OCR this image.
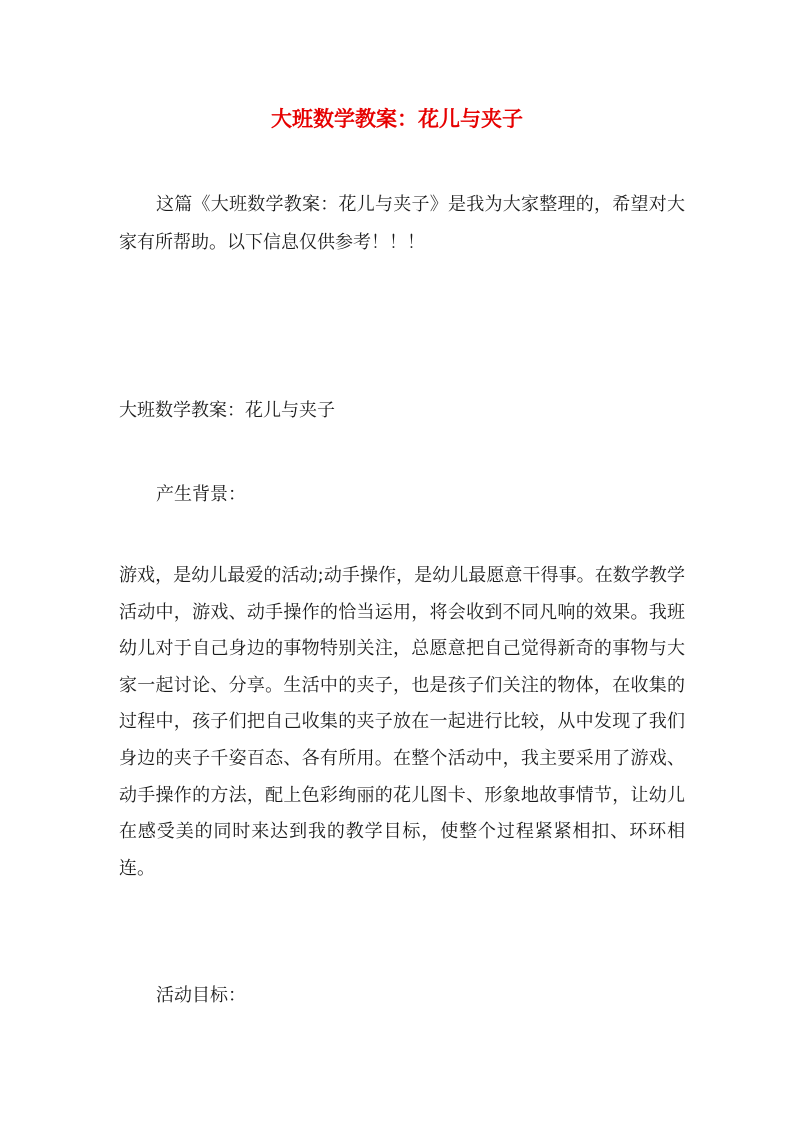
大班数学教案：花儿与夹子

这篇《大班数学教案：花儿与夹子》是我为大家整理的，希望对大家有所帮助。以下信息仅供参考！！！

大班数学教案：花儿与夹子

产生背景：

游戏，是幼儿最爱的活动;动手操作，是幼儿最愿意干得事。在数学教学活动中，游戏、动手操作的恰当运用，将会收到不同凡响的效果。我班幼儿对于自己身边的事物特别关注，总愿意把自己觉得新奇的事物与大家一起讨论、分享。生活中的夹子，也是孩子们关注的物体，在收集的过程中，孩子们把自己收集的夹子放在一起进行比较，从中发现了我们身边的夹子千姿百态、各有所用。在整个活动中，我主要采用了游戏、动手操作的方法，配上色彩绚丽的花儿图卡、形象地故事情节，让幼儿在感受美的同时来达到我的教学目标，使整个过程紧紧相扣、环环相连。

活动目标：
